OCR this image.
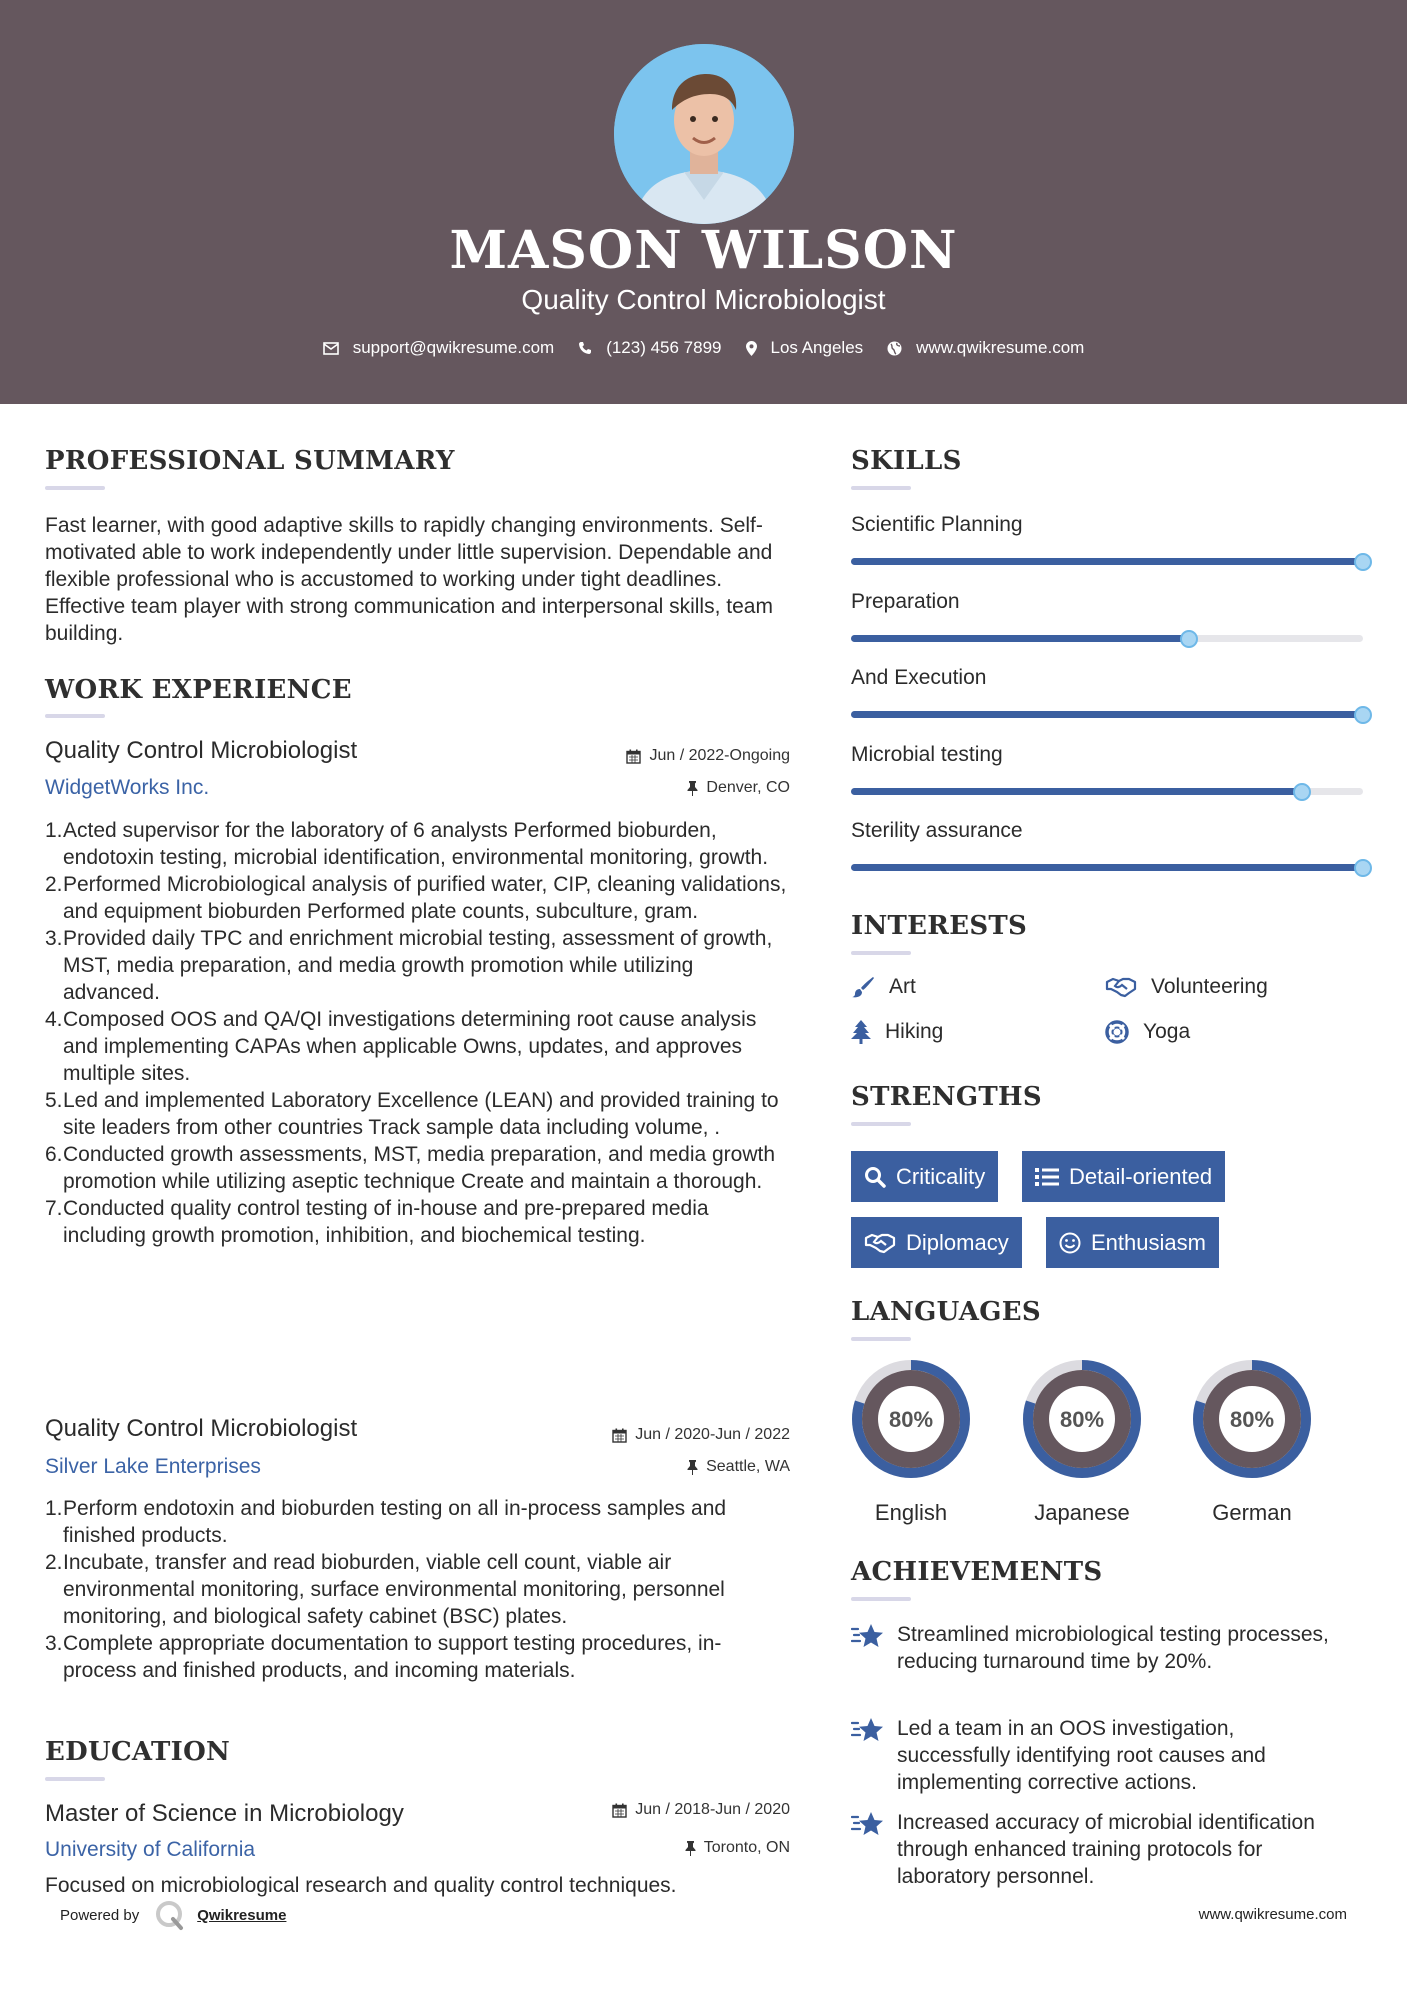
MASON WILSON
Quality Control Microbiologist
support@qwikresume.com	(123) 456 7899	Los Angeles	www.qwikresume.com
PROFESSIONAL SUMMARY
Fast learner, with good adaptive skills to rapidly changing environments. Self-motivated able to work independently under little supervision. Dependable and flexible professional who is accustomed to working under tight deadlines. Effective team player with strong communication and interpersonal skills, team building.
WORK EXPERIENCE
Quality Control Microbiologist	Jun / 2022-Ongoing
WidgetWorks Inc.	Denver, CO
1. Acted supervisor for the laboratory of 6 analysts Performed bioburden, endotoxin testing, microbial identification, environmental monitoring, growth.
2. Performed Microbiological analysis of purified water, CIP, cleaning validations, and equipment bioburden Performed plate counts, subculture, gram.
3. Provided daily TPC and enrichment microbial testing, assessment of growth, MST, media preparation, and media growth promotion while utilizing advanced.
4. Composed OOS and QA/QI investigations determining root cause analysis and implementing CAPAs when applicable Owns, updates, and approves multiple sites.
5. Led and implemented Laboratory Excellence (LEAN) and provided training to site leaders from other countries Track sample data including volume, .
6. Conducted growth assessments, MST, media preparation, and media growth promotion while utilizing aseptic technique Create and maintain a thorough.
7. Conducted quality control testing of in-house and pre-prepared media including growth promotion, inhibition, and biochemical testing.
Quality Control Microbiologist	Jun / 2020-Jun / 2022
Silver Lake Enterprises	Seattle, WA
1. Perform endotoxin and bioburden testing on all in-process samples and finished products.
2. Incubate, transfer and read bioburden, viable cell count, viable air environmental monitoring, surface environmental monitoring, personnel monitoring, and biological safety cabinet (BSC) plates.
3. Complete appropriate documentation to support testing procedures, in-process and finished products, and incoming materials.
EDUCATION
Master of Science in Microbiology	Jun / 2018-Jun / 2020
University of California	Toronto, ON
Focused on microbiological research and quality control techniques.
SKILLS
Scientific Planning
Preparation
And Execution
Microbial testing
Sterility assurance
INTERESTS
Art	Volunteering
Hiking	Yoga
STRENGTHS
Criticality	Detail-oriented
Diplomacy	Enthusiasm
LANGUAGES
80%
English
80%
Japanese
80%
German
ACHIEVEMENTS
Streamlined microbiological testing processes, reducing turnaround time by 20%.
Led a team in an OOS investigation, successfully identifying root causes and implementing corrective actions.
Increased accuracy of microbial identification through enhanced training protocols for laboratory personnel.
Powered by	Qwikresume	www.qwikresume.com
